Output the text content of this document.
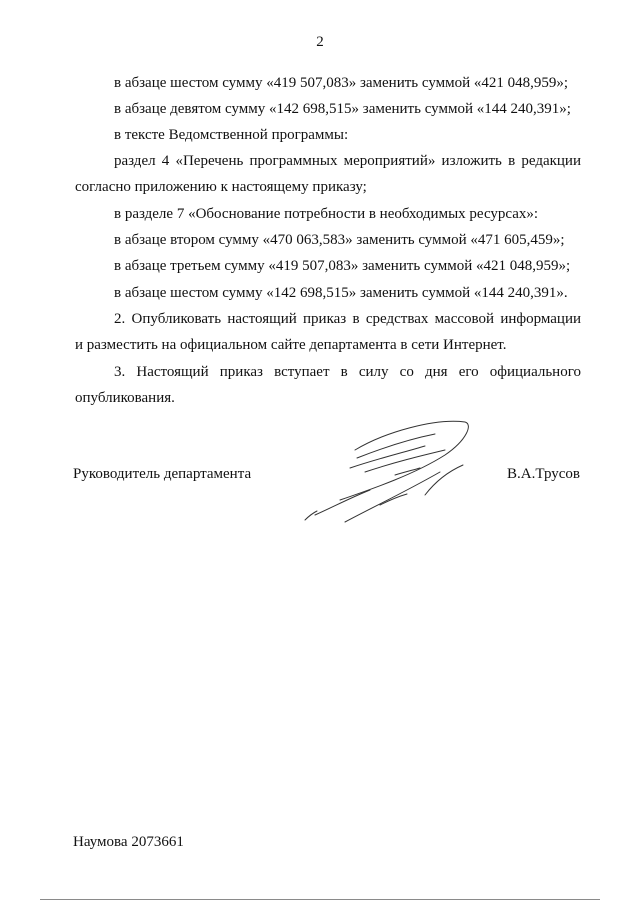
2
в абзаце шестом сумму «419 507,083» заменить суммой «421 048,959»;
в абзаце девятом сумму «142 698,515» заменить суммой «144 240,391»;
в тексте Ведомственной программы:
раздел 4 «Перечень программных мероприятий» изложить в редакции
согласно приложению к настоящему приказу;
в разделе 7 «Обоснование потребности в необходимых ресурсах»:
в абзаце втором сумму «470 063,583» заменить суммой «471 605,459»;
в абзаце третьем сумму «419 507,083» заменить суммой «421 048,959»;
в абзаце шестом сумму «142 698,515» заменить суммой «144 240,391».
2. Опубликовать настоящий приказ в средствах массовой информации
и разместить на официальном сайте департамента в сети Интернет.
3. Настоящий приказ вступает в силу со дня его официального
опубликования.
Руководитель департамента	В.А.Трусов
Наумова 2073661
